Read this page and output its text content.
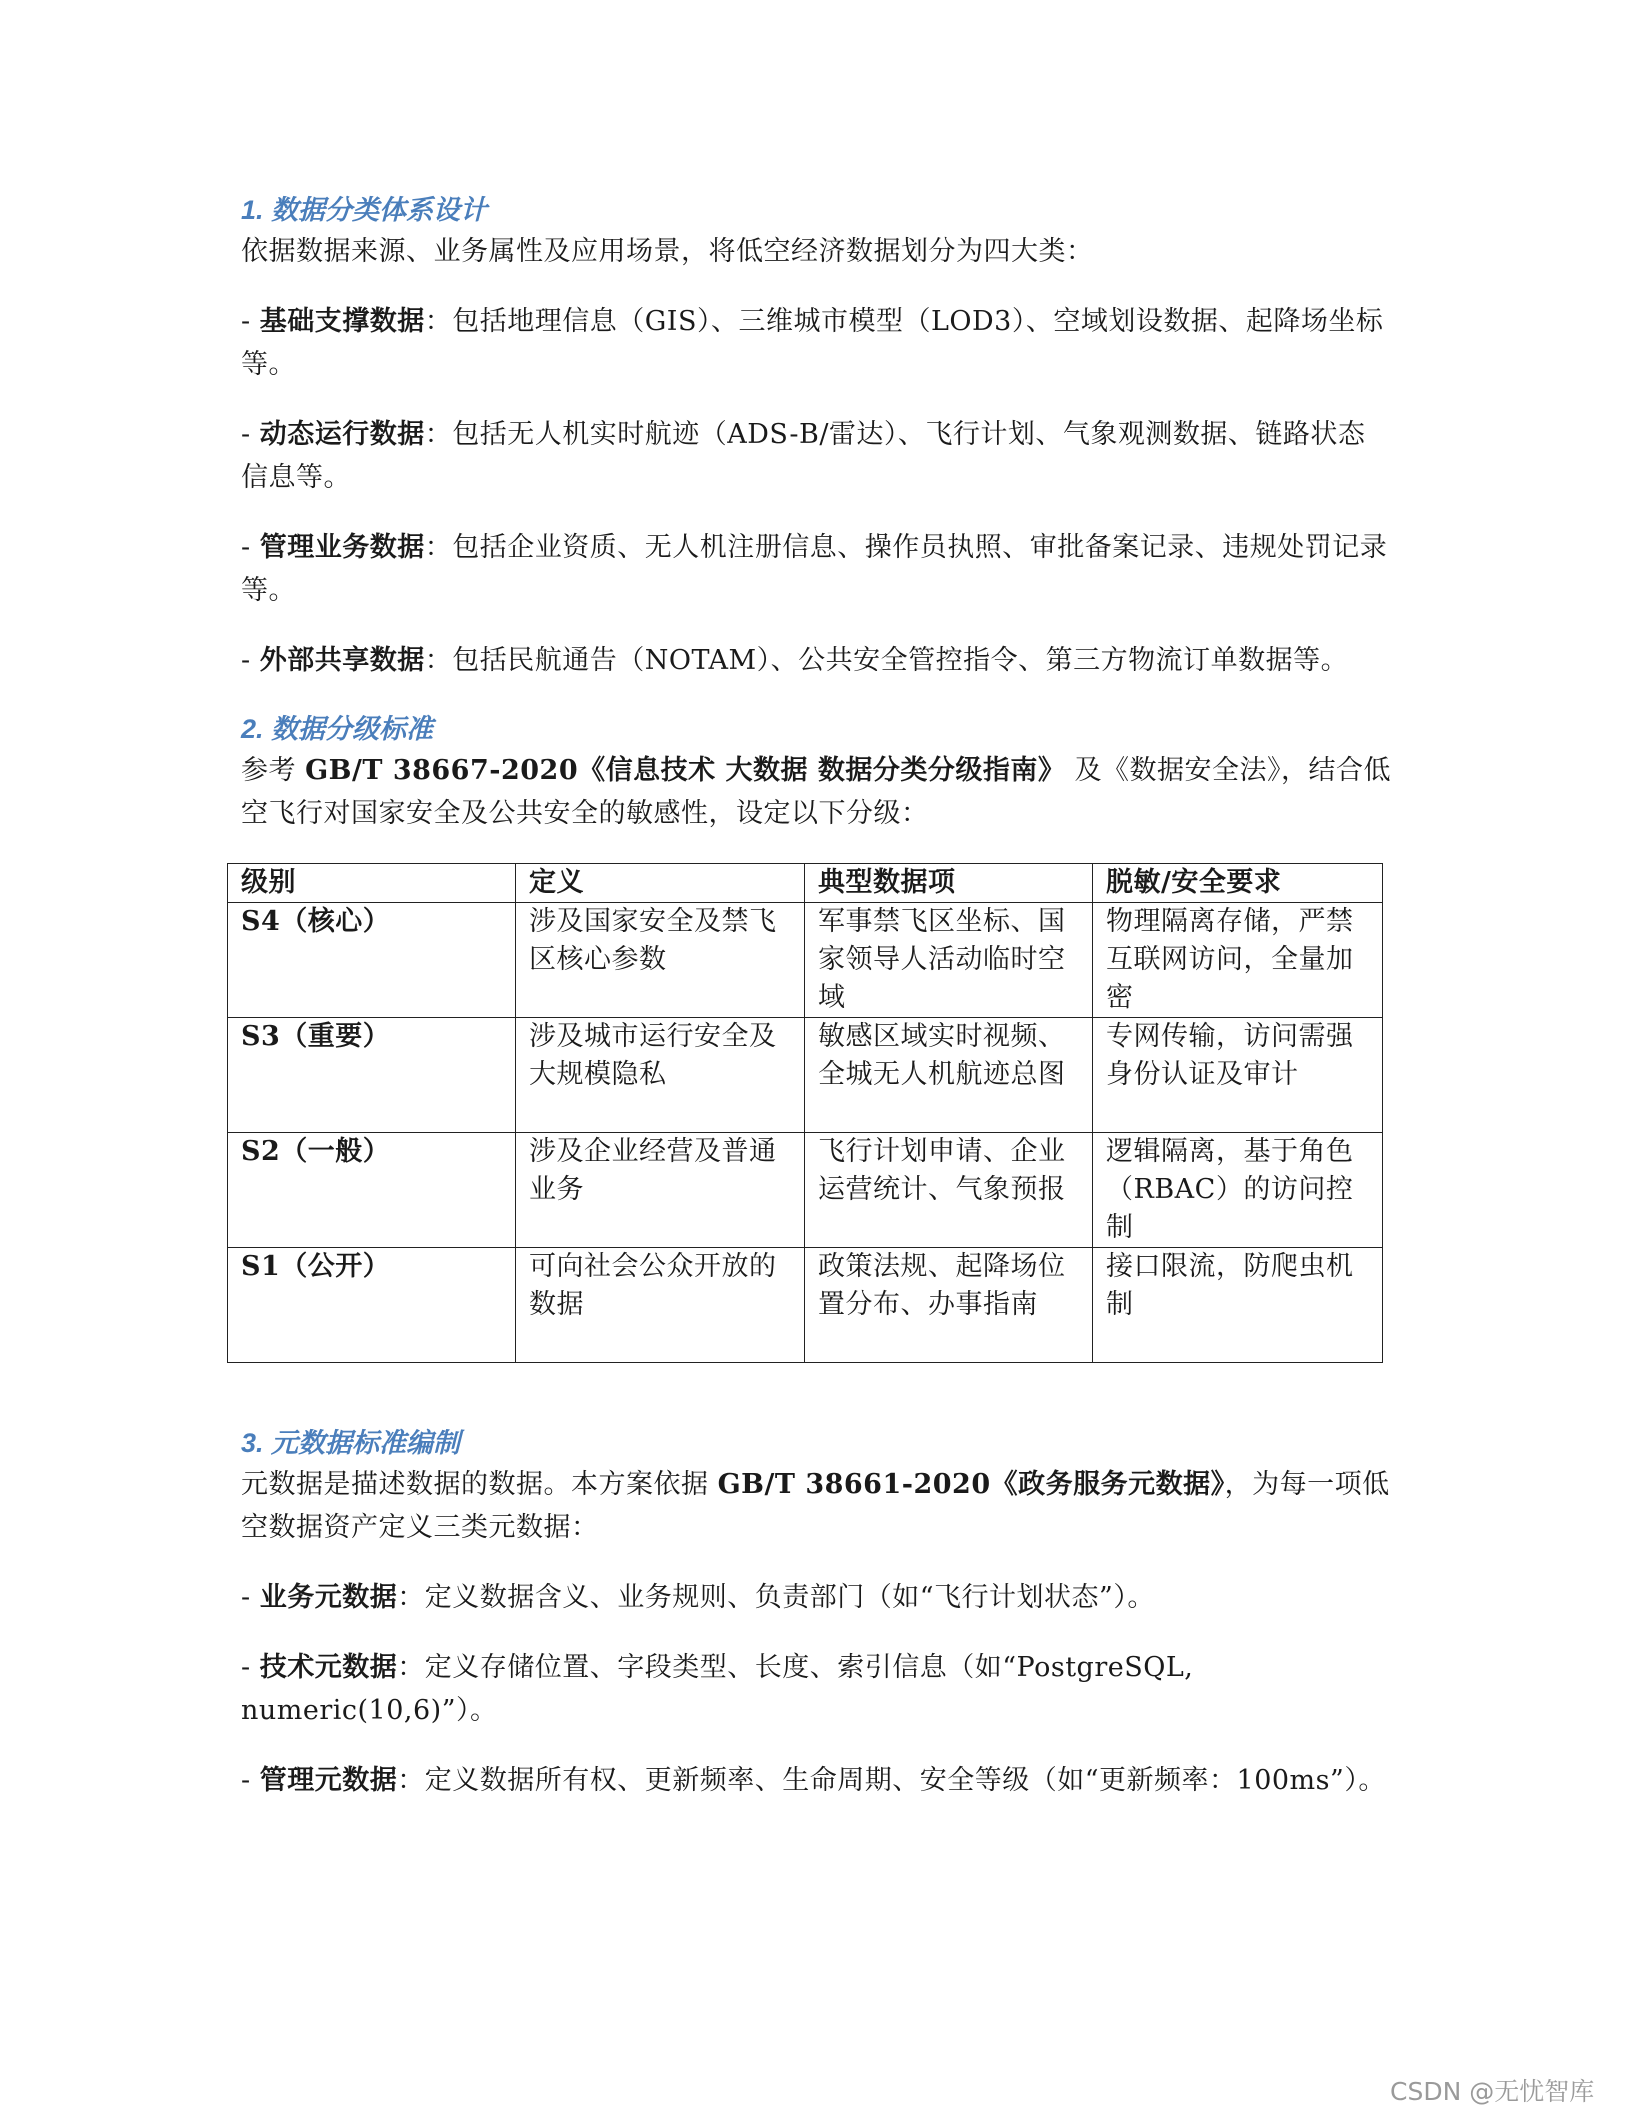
1. 数据分类体系设计

依据数据来源、业务属性及应用场景，将低空经济数据划分为四大类：

- 基础支撑数据：包括地理信息（GIS）、三维城市模型（LOD3）、空域划设数据、起降场坐标等。

- 动态运行数据：包括无人机实时航迹（ADS-B/雷达）、飞行计划、气象观测数据、链路状态信息等。

- 管理业务数据：包括企业资质、无人机注册信息、操作员执照、审批备案记录、违规处罚记录等。

- 外部共享数据：包括民航通告（NOTAM）、公共安全管控指令、第三方物流订单数据等。

2. 数据分级标准

参考 GB/T 38667-2020《信息技术 大数据 数据分类分级指南》 及《数据安全法》，结合低空飞行对国家安全及公共安全的敏感性，设定以下分级：

级别	定义	典型数据项	脱敏/安全要求
S4（核心）	涉及国家安全及禁飞区核心参数	军事禁飞区坐标、国家领导人活动临时空域	物理隔离存储，严禁互联网访问，全量加密
S3（重要）	涉及城市运行安全及大规模隐私	敏感区域实时视频、全城无人机航迹总图	专网传输，访问需强身份认证及审计
S2（一般）	涉及企业经营及普通业务	飞行计划申请、企业运营统计、气象预报	逻辑隔离，基于角色（RBAC）的访问控制
S1（公开）	可向社会公众开放的数据	政策法规、起降场位置分布、办事指南	接口限流，防爬虫机制
3. 元数据标准编制

元数据是描述数据的数据。本方案依据 GB/T 38661-2020《政务服务元数据》，为每一项低空数据资产定义三类元数据：

- 业务元数据：定义数据含义、业务规则、负责部门（如“飞行计划状态”）。

- 技术元数据：定义存储位置、字段类型、长度、索引信息（如“PostgreSQL, numeric(10,6)”）。

- 管理元数据：定义数据所有权、更新频率、生命周期、安全等级（如“更新频率：100ms”）。

CSDN @无忧智库
